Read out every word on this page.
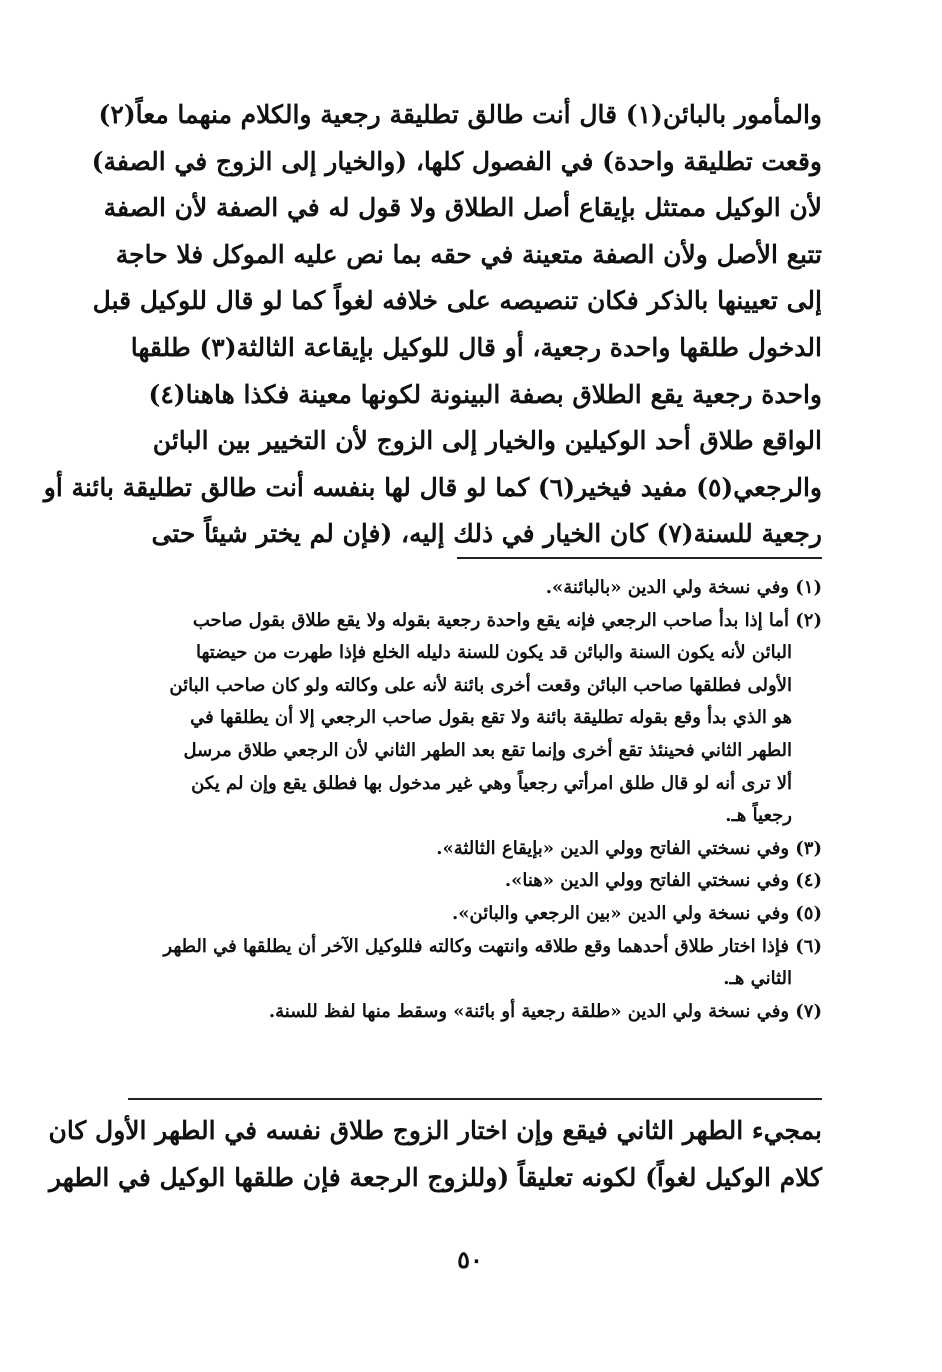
والمأمور بالبائن(١) قال أنت طالق تطليقة رجعية والكلام منهما معاً(٢)

وقعت تطليقة واحدة) في الفصول كلها، (والخيار إلى الزوج في الصفة)

لأن الوكيل ممتثل بإيقاع أصل الطلاق ولا قول له في الصفة لأن الصفة

تتبع الأصل ولأن الصفة متعينة في حقه بما نص عليه الموكل فلا حاجة

إلى تعيينها بالذكر فكان تنصيصه على خلافه لغواً كما لو قال للوكيل قبل

الدخول طلقها واحدة رجعية، أو قال للوكيل بإيقاعة الثالثة(٣) طلقها

واحدة رجعية يقع الطلاق بصفة البينونة لكونها معينة فكذا هاهنا(٤)

الواقع طلاق أحد الوكيلين والخيار إلى الزوج لأن التخيير بين البائن

والرجعي(٥) مفيد فيخير(٦) كما لو قال لها بنفسه أنت طالق تطليقة بائنة أو

رجعية للسنة(٧) كان الخيار في ذلك إليه، (فإن لم يختر شيئاً حتى

(١) وفي نسخة ولي الدين «بالبائنة».
(٢) أما إذا بدأ صاحب الرجعي فإنه يقع واحدة رجعية بقوله ولا يقع طلاق بقول صاحب
البائن لأنه يكون السنة والبائن قد يكون للسنة دليله الخلع فإذا طهرت من حيضتها
الأولى فطلقها صاحب البائن وقعت أخرى بائنة لأنه على وكالته ولو كان صاحب البائن
هو الذي بدأ وقع بقوله تطليقة بائنة ولا تقع بقول صاحب الرجعي إلا أن يطلقها في
الطهر الثاني فحينئذ تقع أخرى وإنما تقع بعد الطهر الثاني لأن الرجعي طلاق مرسل
ألا ترى أنه لو قال طلق امرأتي رجعياً وهي غير مدخول بها فطلق يقع وإن لم يكن
رجعياً هـ.
(٣) وفي نسختي الفاتح وولي الدين «بإيقاع الثالثة».
(٤) وفي نسختي الفاتح وولي الدين «هنا».
(٥) وفي نسخة ولي الدين «بين الرجعي والبائن».
(٦) فإذا اختار طلاق أحدهما وقع طلاقه وانتهت وكالته فللوكيل الآخر أن يطلقها في الطهر
الثاني هـ.
(٧) وفي نسخة ولي الدين «طلقة رجعية أو بائنة» وسقط منها لفظ للسنة.

بمجيء الطهر الثاني فيقع وإن اختار الزوج طلاق نفسه في الطهر الأول كان

كلام الوكيل لغواً) لكونه تعليقاً (وللزوج الرجعة فإن طلقها الوكيل في الطهر

٥٠
